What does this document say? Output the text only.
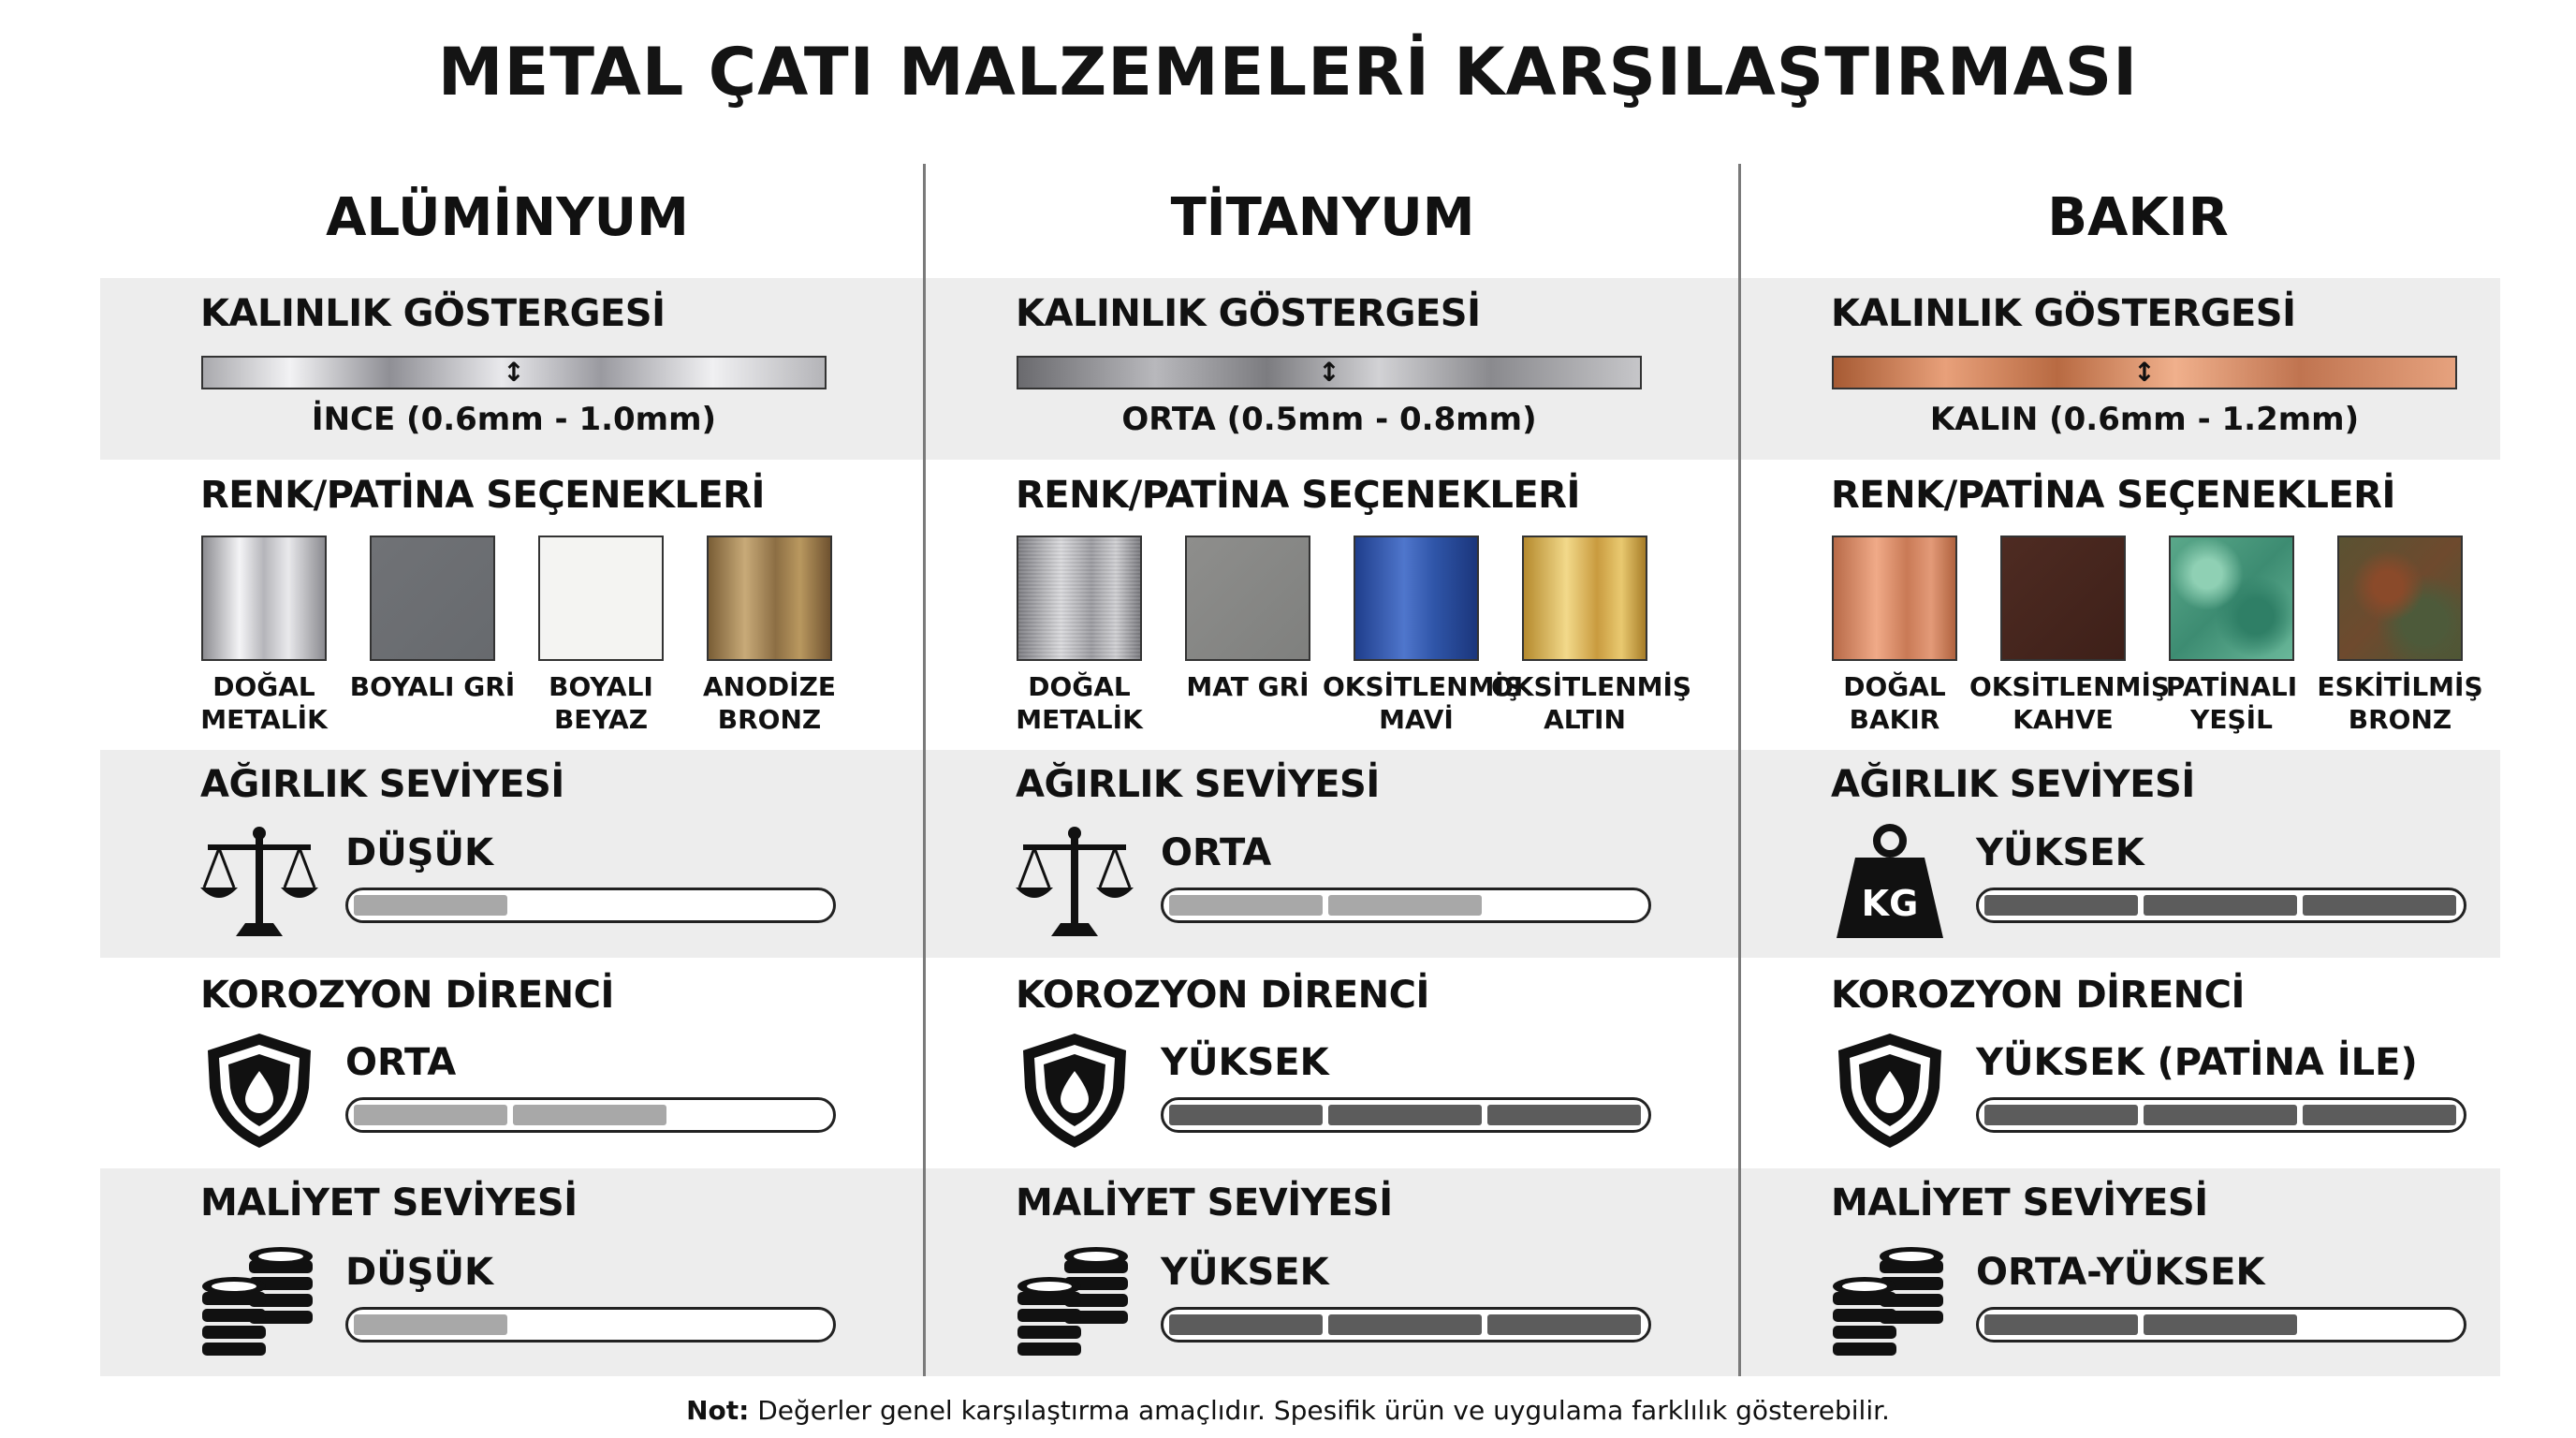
METAL ÇATI MALZEMELERİ KARŞILAŞTIRMASI
ALÜMİNYUM
KALINLIK GÖSTERGESİ
↕
İNCE (0.6mm - 1.0mm)
RENK/PATİNA SEÇENEKLERİ
DOĞAL METALİK
BOYALI GRİ	BOYALI BEYAZ
ANODİZE BRONZ
AĞIRLIK SEVİYESİ
DÜŞÜK
KOROZYON DİRENCİ
ORTA
MALİYET SEVİYESİ
DÜŞÜK
TİTANYUM
KALINLIK GÖSTERGESİ
↕
ORTA (0.5mm - 0.8mm)
RENK/PATİNA SEÇENEKLERİ
DOĞAL METALİK
MAT GRİ OKSİTLENMİŞ MAVİ
OKSİTLENMİŞ ALTIN
AĞIRLIK SEVİYESİ
ORTA
KOROZYON DİRENCİ
YÜKSEK
MALİYET SEVİYESİ
YÜKSEK
BAKIR
KALINLIK GÖSTERGESİ
↕
KALIN (0.6mm - 1.2mm)
RENK/PATİNA SEÇENEKLERİ
DOĞAL BAKIR
OKSİTLENMİŞ KAHVE
PATİNALI YEŞİL
ESKİTİLMİŞ BRONZ
AĞIRLIK SEVİYESİ
KG
YÜKSEK
KOROZYON DİRENCİ
YÜKSEK (PATİNA İLE)
MALİYET SEVİYESİ
ORTA-YÜKSEK
Not: Değerler genel karşılaştırma amaçlıdır. Spesifik ürün ve uygulama farklılık gösterebilir.
